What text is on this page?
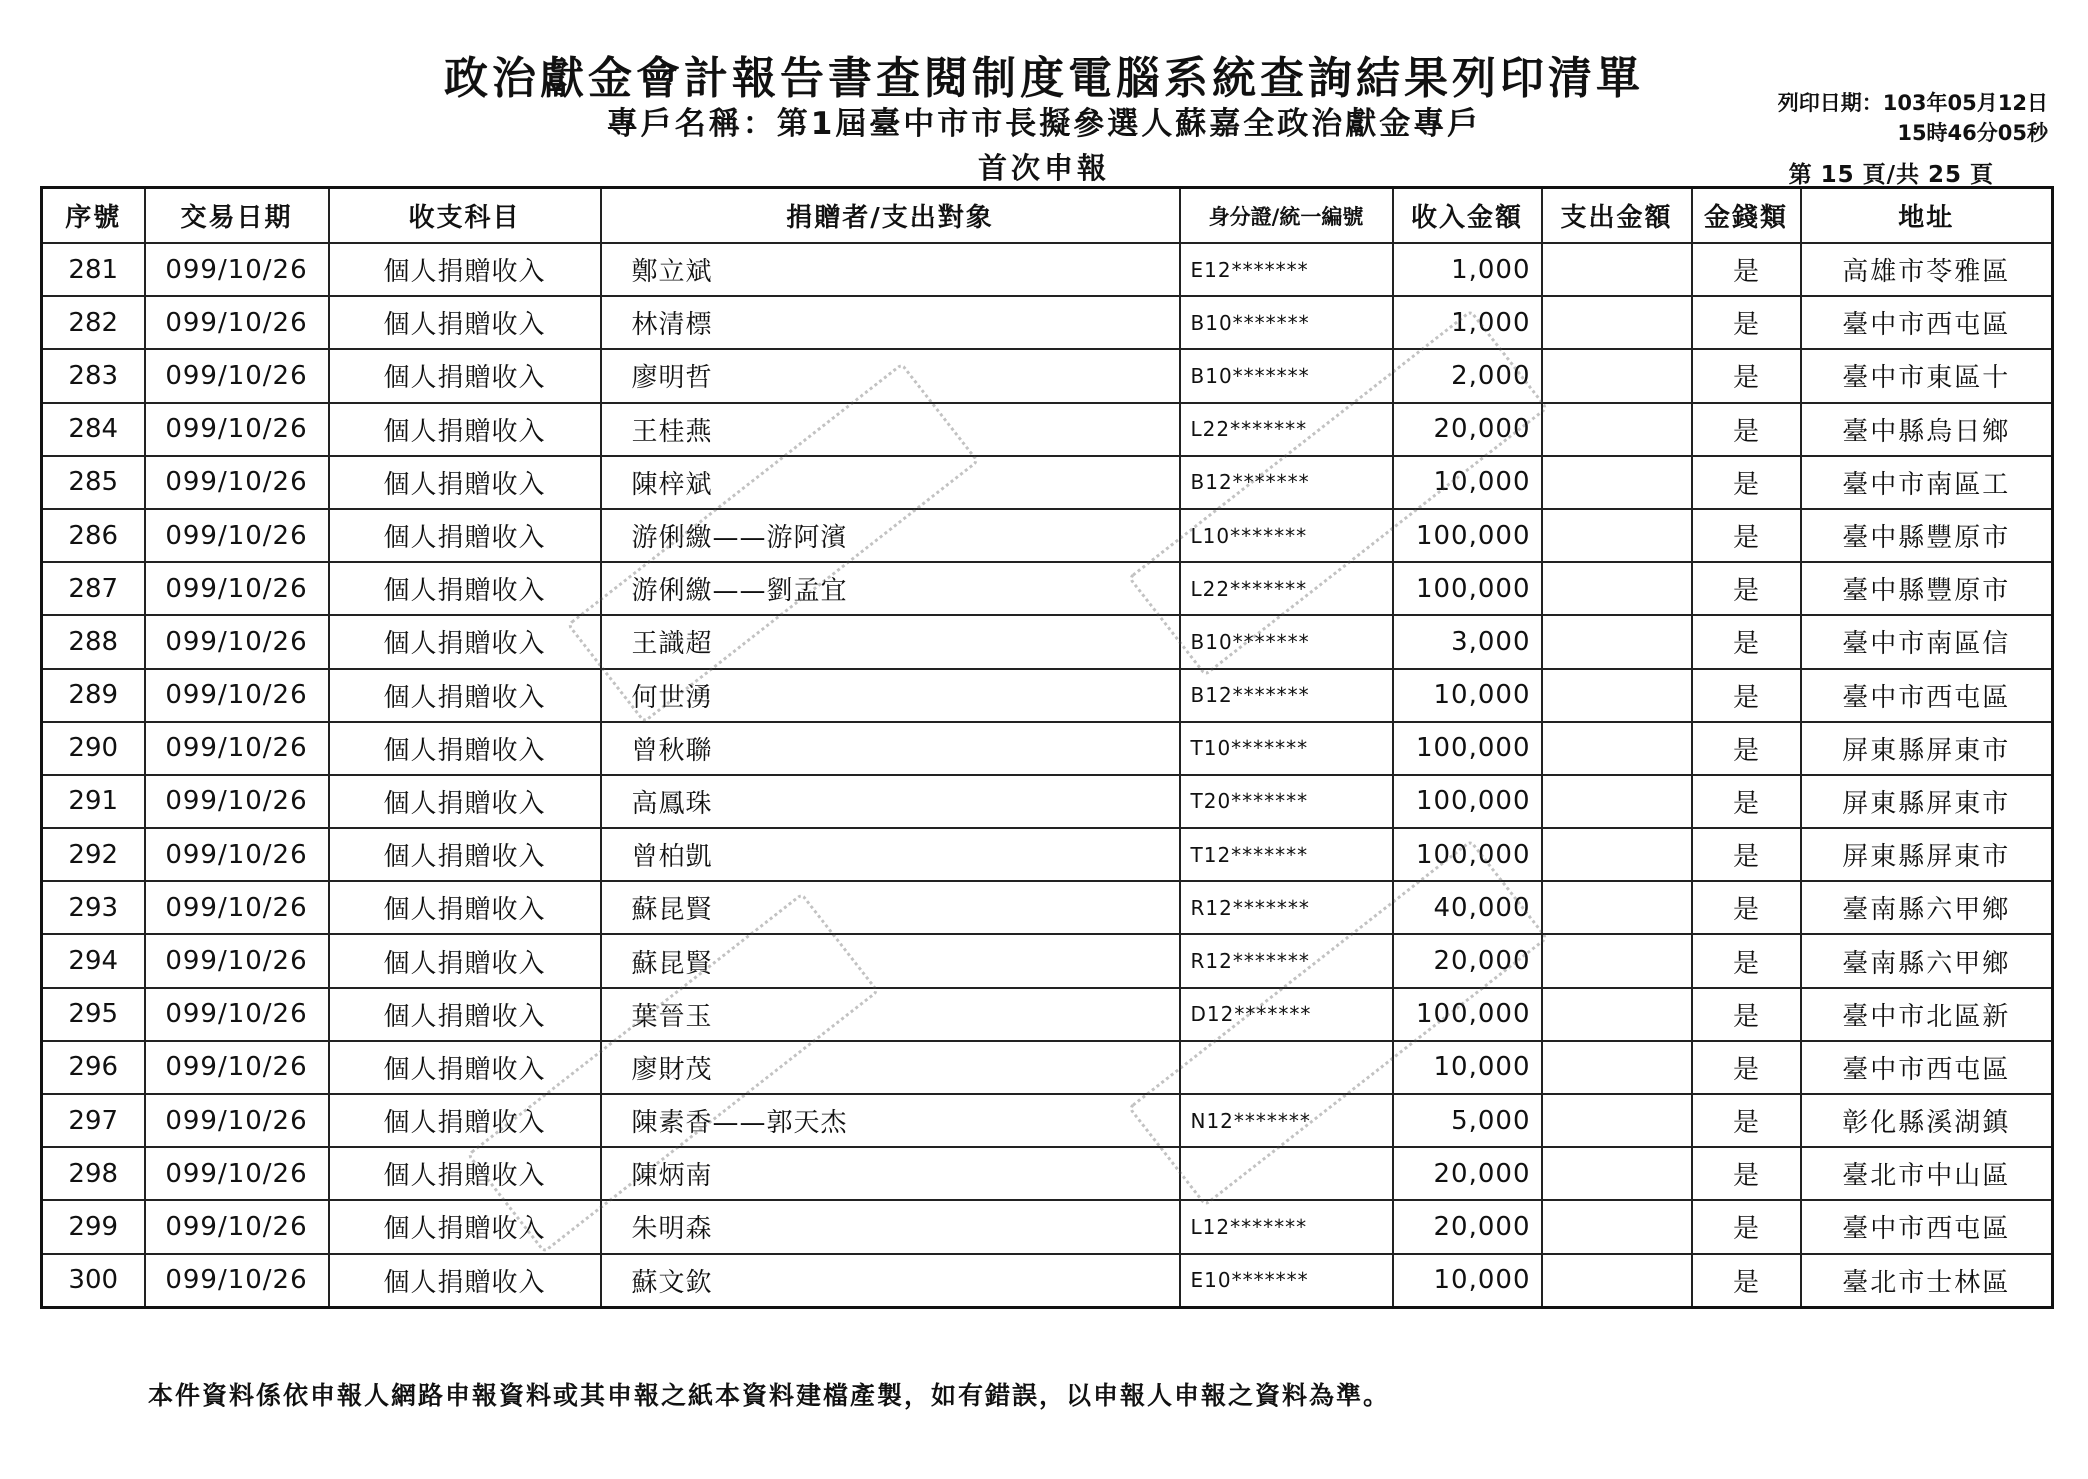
政治獻金會計報告書查閱制度電腦系統查詢結果列印清單
專戶名稱：第1屆臺中市市長擬參選人蘇嘉全政治獻金專戶
首次申報
列印日期：103年05月12日
15時46分05秒
第 15 頁/共 25 頁
序號	交易日期	收支科目	捐贈者/支出對象	身分證/統一編號	收入金額	支出金額	金錢類	地址
281	099/10/26	個人捐贈收入	鄭立斌	E12*******	1,000		是	高雄市苓雅區
282	099/10/26	個人捐贈收入	林清標	B10*******	1,000		是	臺中市西屯區
283	099/10/26	個人捐贈收入	廖明哲	B10*******	2,000		是	臺中市東區十
284	099/10/26	個人捐贈收入	王桂燕	L22*******	20,000		是	臺中縣烏日鄉
285	099/10/26	個人捐贈收入	陳梓斌	B12*******	10,000		是	臺中市南區工
286	099/10/26	個人捐贈收入	游俐繳——游阿濱	L10*******	100,000		是	臺中縣豐原市
287	099/10/26	個人捐贈收入	游俐繳——劉孟宜	L22*******	100,000		是	臺中縣豐原市
288	099/10/26	個人捐贈收入	王識超	B10*******	3,000		是	臺中市南區信
289	099/10/26	個人捐贈收入	何世湧	B12*******	10,000		是	臺中市西屯區
290	099/10/26	個人捐贈收入	曾秋聯	T10*******	100,000		是	屏東縣屏東市
291	099/10/26	個人捐贈收入	高鳳珠	T20*******	100,000		是	屏東縣屏東市
292	099/10/26	個人捐贈收入	曾柏凱	T12*******	100,000		是	屏東縣屏東市
293	099/10/26	個人捐贈收入	蘇昆賢	R12*******	40,000		是	臺南縣六甲鄉
294	099/10/26	個人捐贈收入	蘇昆賢	R12*******	20,000		是	臺南縣六甲鄉
295	099/10/26	個人捐贈收入	葉晉玉	D12*******	100,000		是	臺中市北區新
296	099/10/26	個人捐贈收入	廖財茂		10,000		是	臺中市西屯區
297	099/10/26	個人捐贈收入	陳素香——郭天杰	N12*******	5,000		是	彰化縣溪湖鎮
298	099/10/26	個人捐贈收入	陳炳南		20,000		是	臺北市中山區
299	099/10/26	個人捐贈收入	朱明森	L12*******	20,000		是	臺中市西屯區
300	099/10/26	個人捐贈收入	蘇文欽	E10*******	10,000		是	臺北市士林區
本件資料係依申報人網路申報資料或其申報之紙本資料建檔產製，如有錯誤，以申報人申報之資料為準。
